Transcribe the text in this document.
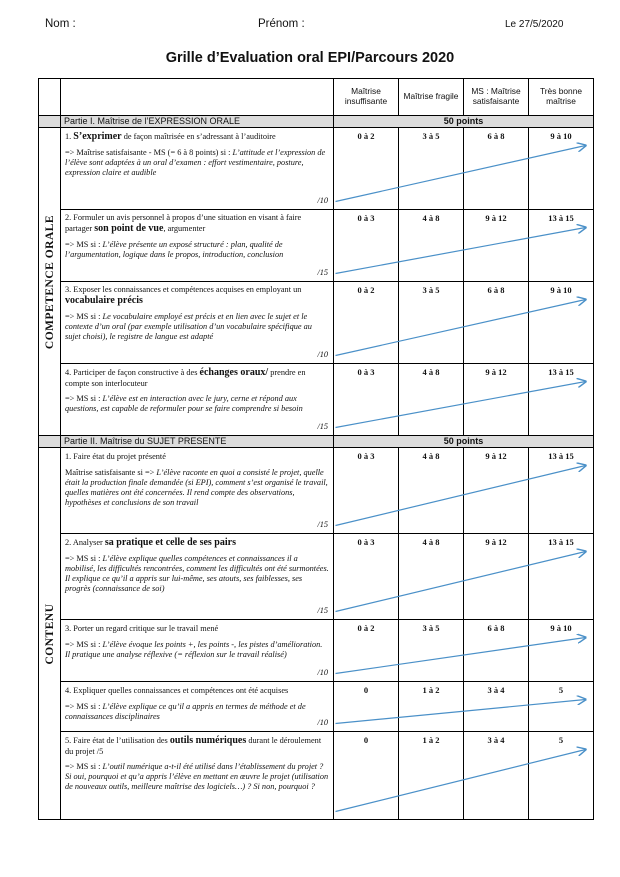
Nom :	Prénom :	Le 27/5/2020
Grille d’Evaluation oral EPI/Parcours 2020
		Maîtrise insuffisante	Maîtrise fragile	MS : Maîtrise satisfaisante	Très bonne maîtrise
	Partie I. Maîtrise de l’EXPRESSION ORALE	50 points			

COMPETENCE ORALE	1. S’exprimer de façon maîtrisée en s’adressant à l’auditoire
=> Maîtrise satisfaisante - MS (= 6 à 8 points) si : L’attitude et l’expression de l’élève sont adaptées à un oral d’examen : effort vestimentaire, posture, expression claire et audible
/10	0 à 2	3 à 5	6 à 8	9 à 10

	2. Formuler un avis personnel à propos d’une situation en visant à faire partager son point de vue, argumenter
=> MS si : L’élève présente un exposé structuré : plan, qualité de l’argumentation, logique dans le propos, introduction, conclusion
/15	0 à 3	4 à 8	9 à 12	13 à 15

	3. Exposer les connaissances et compétences acquises en employant un vocabulaire précis
=> MS si : Le vocabulaire employé est précis et en lien avec le sujet et le contexte d’un oral (par exemple utilisation d’un vocabulaire spécifique au sujet choisi), le registre de langue est adapté
/10	0 à 2	3 à 5	6 à 8	9 à 10

	4. Participer de façon constructive à des échanges oraux/ prendre en compte son interlocuteur
=> MS si : L’élève est en interaction avec le jury, cerne et répond aux questions, est capable de reformuler pour se faire comprendre si besoin
/15	0 à 3	4 à 8	9 à 12	13 à 15

	Partie II. Maîtrise du SUJET PRESENTE	50 points			

CONTENU	1. Faire état du projet présenté
Maîtrise satisfaisante si => L’élève raconte en quoi a consisté le projet, quelle était la production finale demandée (si EPI), comment s’est organisé le travail, quelles matières ont été concernées. Il rend compte des observations, hypothèses et conclusions de son travail
/15	0 à 3	4 à 8	9 à 12	13 à 15

	2. Analyser sa pratique et celle de ses pairs
=> MS si : L’élève explique quelles compétences et connaissances il a mobilisé, les difficultés rencontrées, comment les difficultés ont été surmontées. Il explique ce qu’il a appris sur lui-même, ses atouts, ses faiblesses, ses progrès (connaissance de soi)
/15	0 à 3	4 à 8	9 à 12	13 à 15

	3. Porter un regard critique sur le travail mené
=> MS si : L’élève évoque les points +, les points -, les pistes d’amélioration. Il pratique une analyse réflexive (= réflexion sur le travail réalisé)
/10	0 à 2	3 à 5	6 à 8	9 à 10

	4. Expliquer quelles connaissances et compétences ont été acquises
=> MS si : L’élève explique ce qu’il a appris en termes de méthode et de connaissances disciplinaires
/10	0	1 à 2	3 à 4	5

	5. Faire état de l’utilisation des outils numériques durant le déroulement du projet /5
=> MS si : L’outil numérique a-t-il été utilisé dans l’établissement du projet ? Si oui, pourquoi et qu’a appris l’élève en mettant en œuvre le projet (utilisation de nouveaux outils, meilleure maîtrise des logiciels…) ? Si non, pourquoi ?	0	1 à 2	3 à 4	5
